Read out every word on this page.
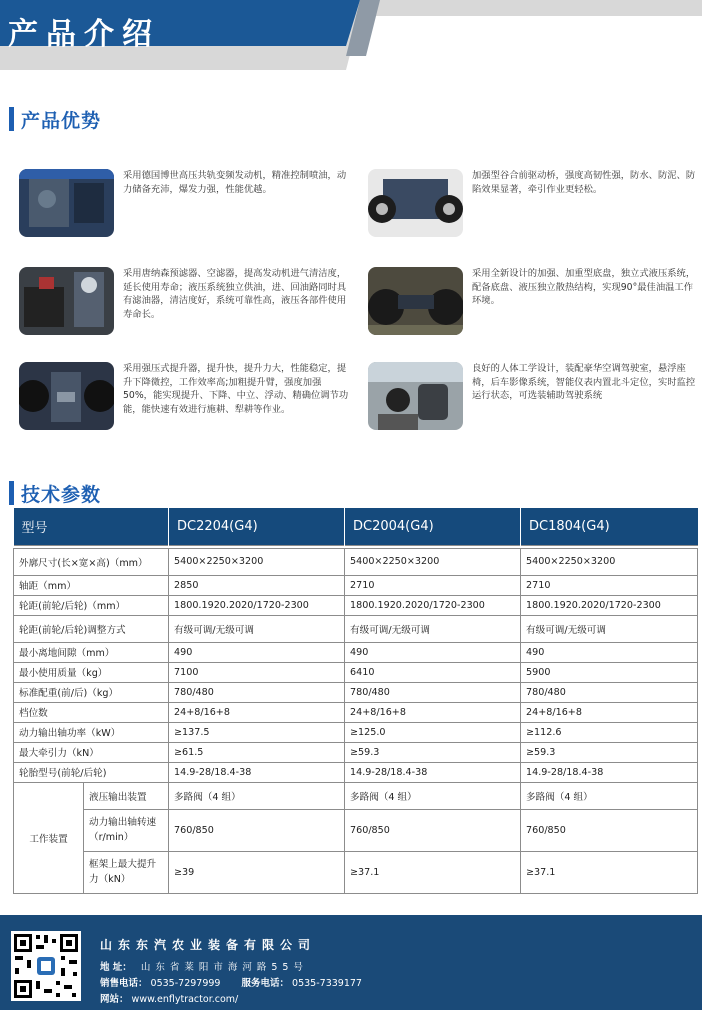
产品介绍
产品优势
采用德国博世高压共轨变频发动机，精准控制喷油，动力储备充沛，爆发力强，性能优越。
加强型谷合前驱动桥，强度高韧性强，防水、防泥、防陷效果显著，牵引作业更轻松。
采用唐纳森预滤器、空滤器，提高发动机进气清洁度，延长使用寿命；液压系统独立供油，进、回油路同时具有滤油器，清洁度好，系统可靠性高，液压各部件使用寿命长。
采用全新设计的加强、加重型底盘，独立式液压系统，配备底盘、液压独立散热结构，实现90°最佳油温工作环境。
采用强压式提升器，提升快，提升力大，性能稳定，提升下降微控，工作效率高;加粗提升臂，强度加强50%，能实现提升、下降、中立、浮动、精确位调节功能，能快速有效进行施耕、犁耕等作业。
良好的人体工学设计，装配豪华空调驾驶室，悬浮座椅，后车影像系统，智能仪表内置北斗定位，实时监控运行状态，可选装辅助驾驶系统
技术参数
型号		DC2204(G4)	DC2004(G4)	DC1804(G4)

外廓尺寸(长×宽×高)（mm）		5400×2250×3200	5400×2250×3200	5400×2250×3200
轴距（mm）		2850	2710	2710
轮距(前轮/后轮)（mm）		1800.1920.2020/1720-2300	1800.1920.2020/1720-2300	1800.1920.2020/1720-2300
轮距(前轮/后轮)调整方式		有级可调/无级可调	有级可调/无级可调	有级可调/无级可调
最小离地间隙（mm）		490	490	490
最小使用质量（kg）		7100	6410	5900
标准配重(前/后)（kg）		780/480	780/480	780/480
档位数		24+8/16+8	24+8/16+8	24+8/16+8
动力输出轴功率（kW）		≥137.5	≥125.0	≥112.6
最大牵引力（kN）		≥61.5	≥59.3	≥59.3
轮胎型号(前轮/后轮)		14.9-28/18.4-38	14.9-28/18.4-38	14.9-28/18.4-38
工作装置	液压输出装置	多路阀（4 组）	多路阀（4 组）	多路阀（4 组）
	动力输出轴转速（r/min）	760/850	760/850	760/850
	框架上最大提升力（kN）	≥39	≥37.1	≥37.1
山东东汽农业装备有限公司
地 址： 山东省莱阳市海河路55号
销售电话： 0535-7297999 服务电话： 0535-7339177
网站： www.enflytractor.com/
